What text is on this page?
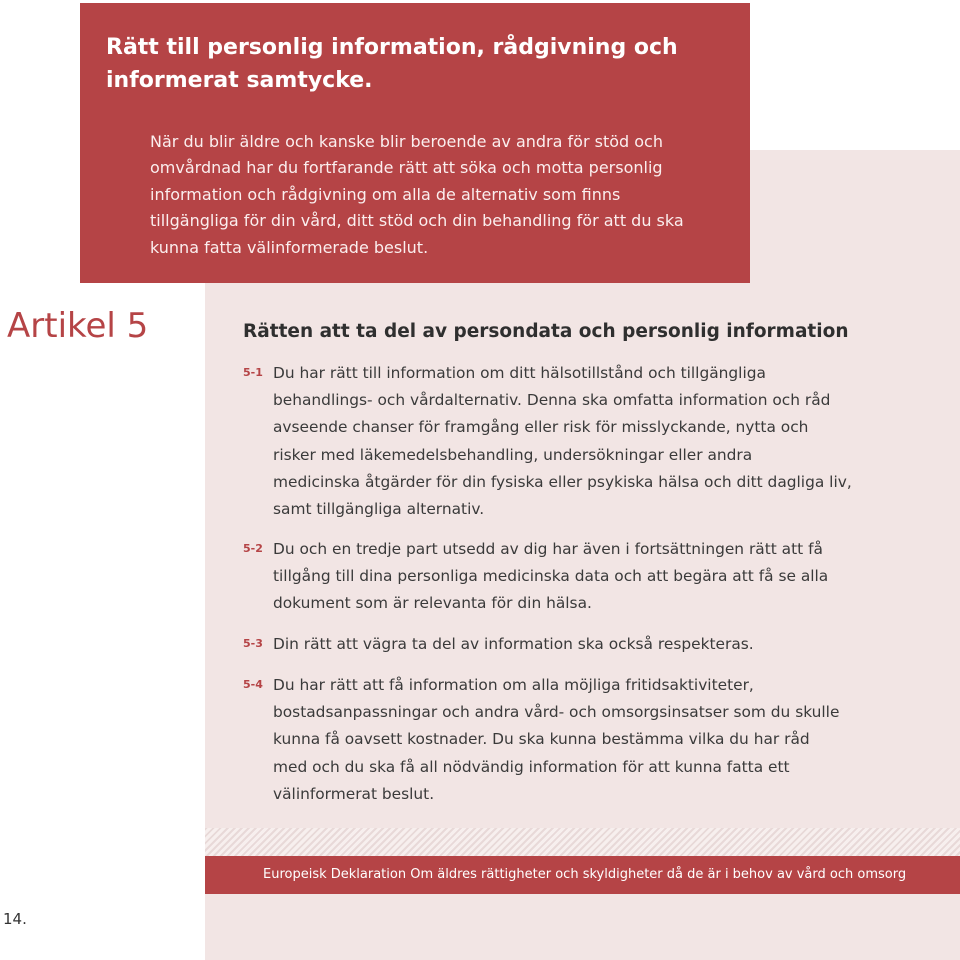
Rätt till personlig information, rådgivning och
informerat samtycke.

När du blir äldre och kanske blir beroende av andra för stöd och
omvårdnad har du fortfarande rätt att söka och motta personlig
information och rådgivning om alla de alternativ som finns
tillgängliga för din vård, ditt stöd och din behandling för att du ska
kunna fatta välinformerade beslut.

Artikel 5	Rätten att ta del av persondata och personlig information
5-1 Du har rätt till information om ditt hälsotillstånd och tillgängliga
behandlings- och vårdalternativ. Denna ska omfatta information och råd
avseende chanser för framgång eller risk för misslyckande, nytta och
risker med läkemedelsbehandling, undersökningar eller andra
medicinska åtgärder för din fysiska eller psykiska hälsa och ditt dagliga liv,
samt tillgängliga alternativ.

5-2 Du och en tredje part utsedd av dig har även i fortsättningen rätt att få
tillgång till dina personliga medicinska data och att begära att få se alla
dokument som är relevanta för din hälsa.

5-3 Din rätt att vägra ta del av information ska också respekteras.

5-4 Du har rätt att få information om alla möjliga fritidsaktiviteter,
bostadsanpassningar och andra vård- och omsorgsinsatser som du skulle
kunna få oavsett kostnader. Du ska kunna bestämma vilka du har råd
med och du ska få all nödvändig information för att kunna fatta ett
välinformerat beslut.

Europeisk Deklaration Om äldres rättigheter och skyldigheter då de är i behov av vård och omsorg
14.
